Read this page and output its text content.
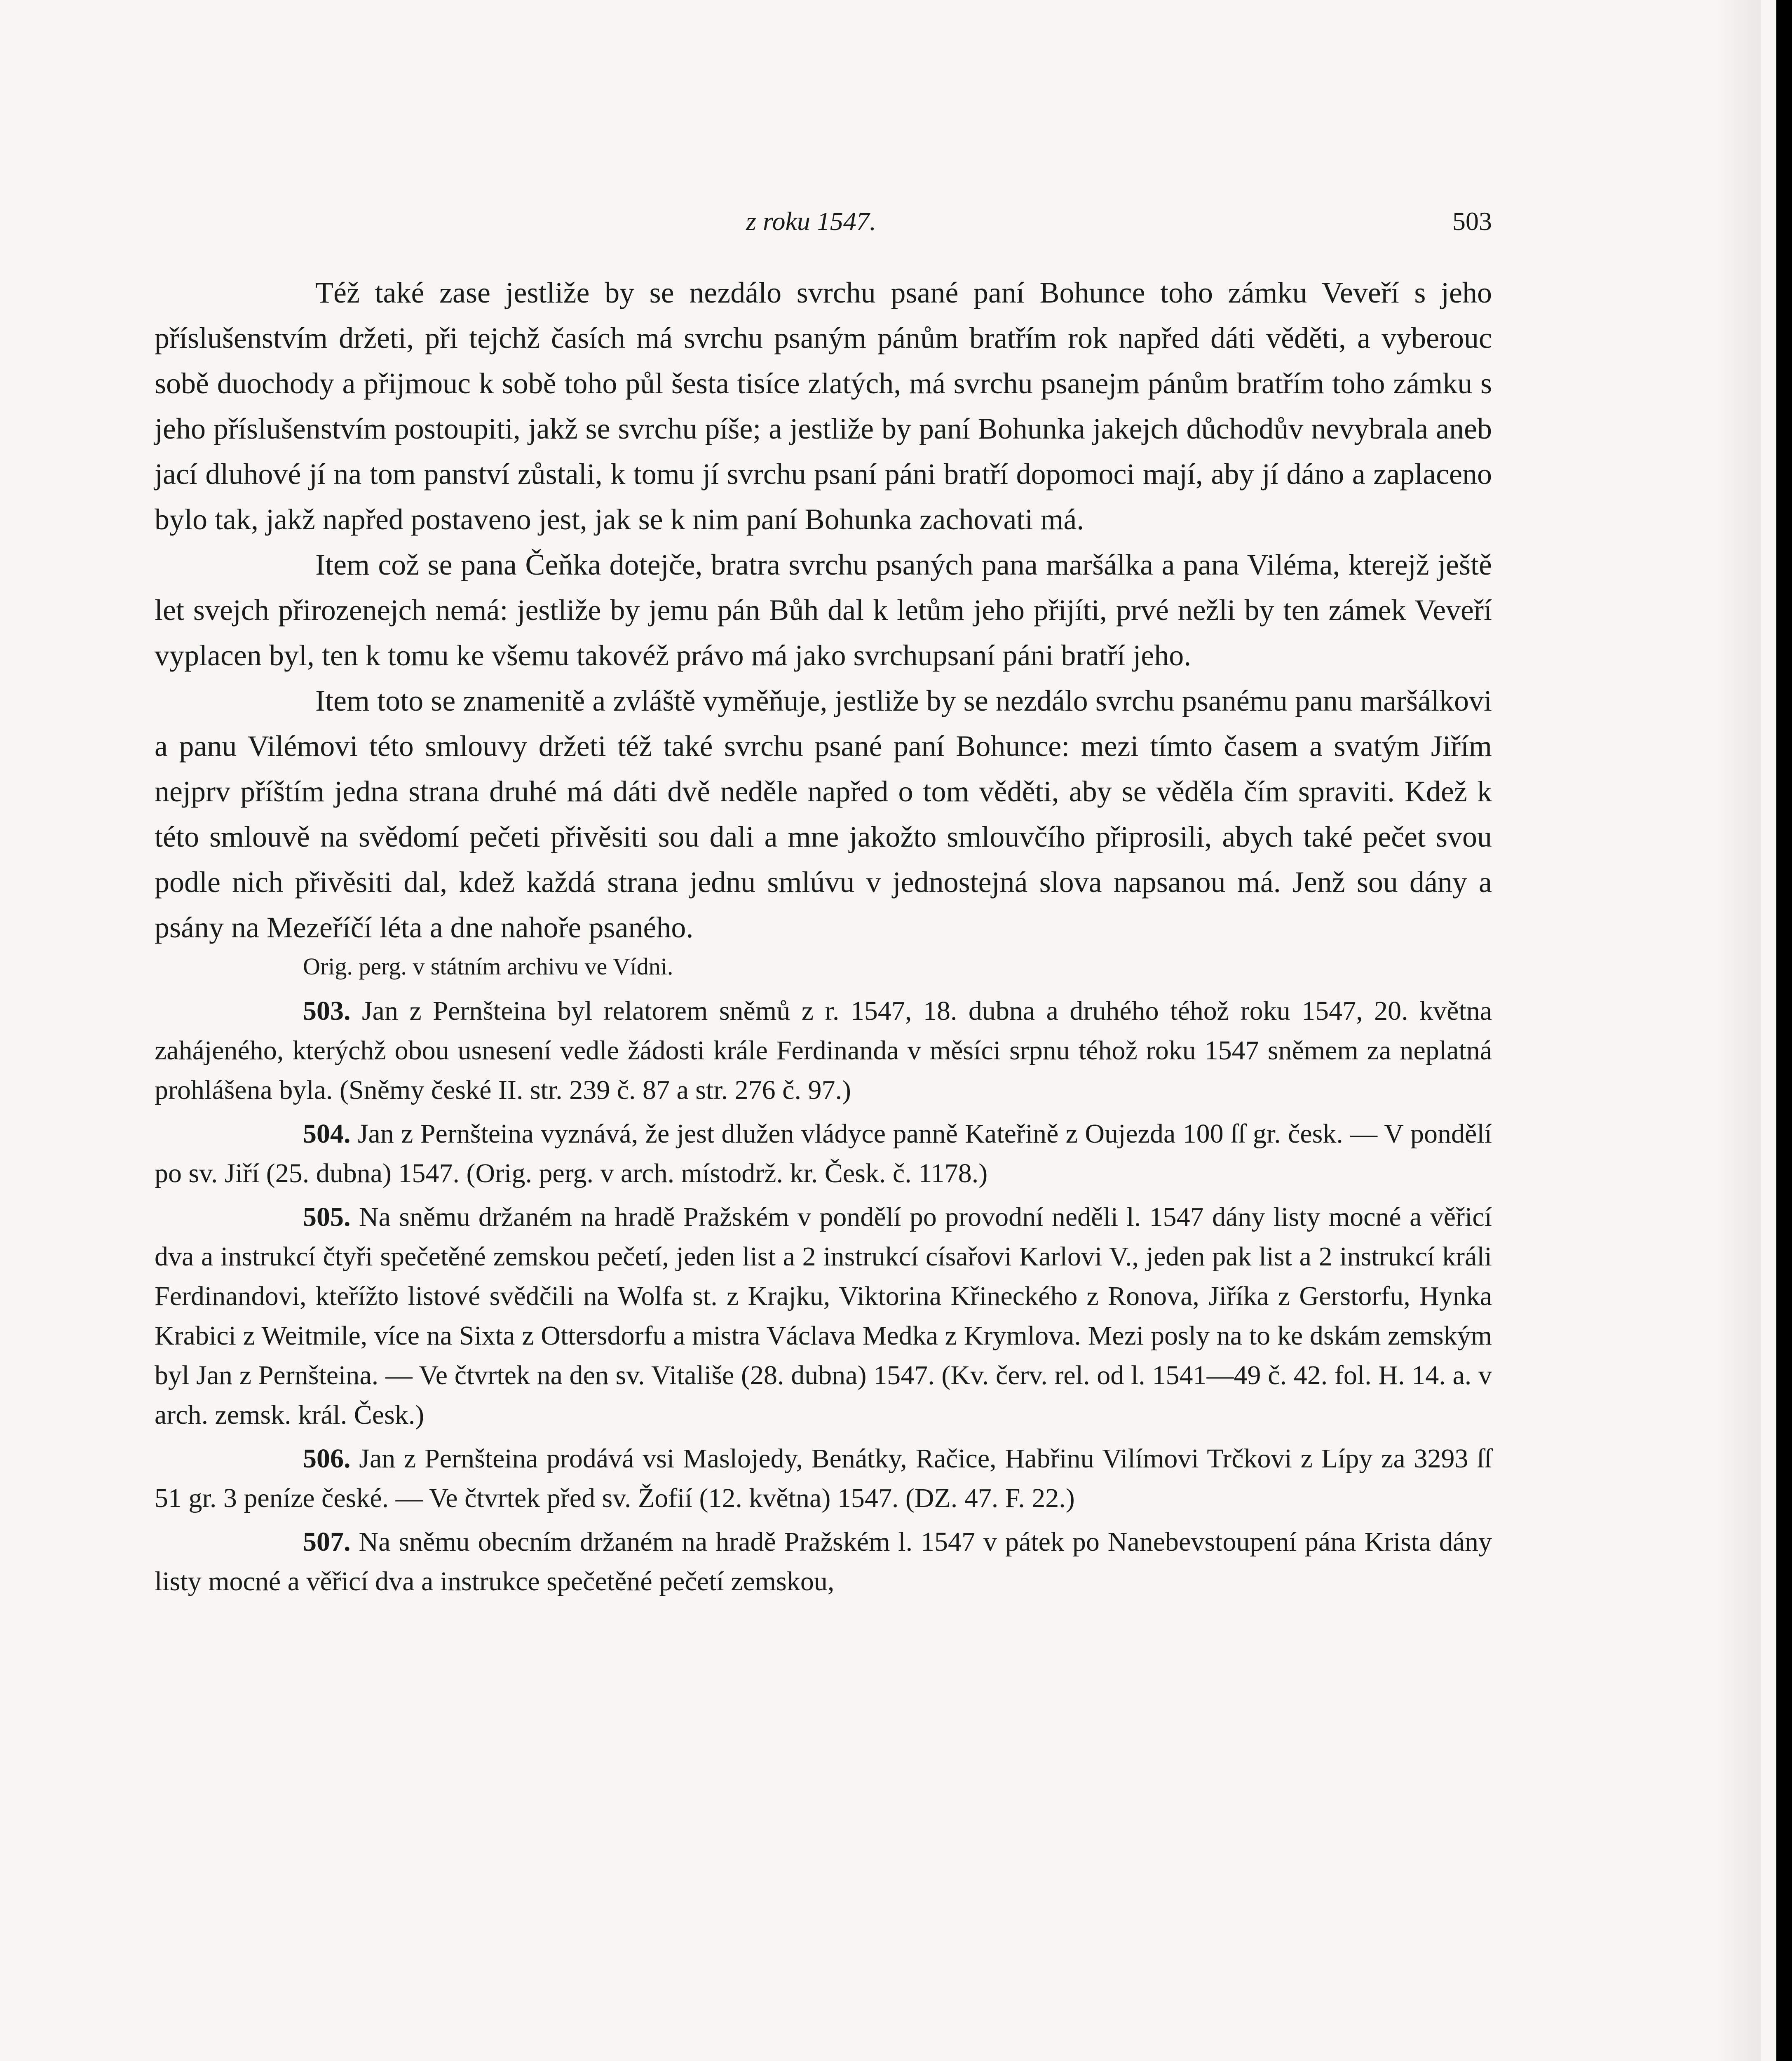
z roku 1547.	503

Též také zase jestliže by se nezdálo svrchu psané paní Bohunce toho zámku Veveří s jeho příslušenstvím držeti, při tejchž časích má svrchu psaným pánům bratřím rok napřed dáti věděti, a vyberouc sobě duochody a přijmouc k sobě toho půl šesta tisíce zlatých, má svrchu psanejm pánům bratřím toho zámku s jeho příslušenstvím postoupiti, jakž se svrchu píše; a jestliže by paní Bohunka jakejch důchodův nevybrala aneb jací dluhové jí na tom panství zůstali, k tomu jí svrchu psaní páni bratří dopomoci mají, aby jí dáno a zaplaceno bylo tak, jakž napřed postaveno jest, jak se k nim paní Bohunka zachovati má.

Item což se pana Čeňka dotejče, bratra svrchu psaných pana maršálka a pana Viléma, kterejž ještě let svejch přirozenejch nemá: jestliže by jemu pán Bůh dal k letům jeho přijíti, prvé nežli by ten zámek Veveří vyplacen byl, ten k tomu ke všemu takovéž právo má jako svrchupsaní páni bratří jeho.

Item toto se znamenitě a zvláště vyměňuje, jestliže by se nezdálo svrchu psanému panu maršálkovi a panu Vilémovi této smlouvy držeti též také svrchu psané paní Bohunce: mezi tímto časem a svatým Jiřím nejprv příštím jedna strana druhé má dáti dvě neděle napřed o tom věděti, aby se věděla čím spraviti. Kdež k této smlouvě na svědomí pečeti přivěsiti sou dali a mne jakožto smlouvčího připrosili, abych také pečet svou podle nich přivěsiti dal, kdež každá strana jednu smlúvu v jednostejná slova napsanou má. Jenž sou dány a psány na Mezeříčí léta a dne nahoře psaného.

Orig. perg. v státním archivu ve Vídni.

503. Jan z Pernšteina byl relatorem sněmů z r. 1547, 18. dubna a druhého téhož roku 1547, 20. května zahájeného, kterýchž obou usnesení vedle žádosti krále Ferdinanda v měsíci srpnu téhož roku 1547 sněmem za neplatná prohlášena byla. (Sněmy české II. str. 239 č. 87 a str. 276 č. 97.)

504. Jan z Pernšteina vyznává, že jest dlužen vládyce panně Kateřině z Oujezda 100 ſſ gr. česk. — V pondělí po sv. Jiří (25. dubna) 1547. (Orig. perg. v arch. místodrž. kr. Česk. č. 1178.)

505. Na sněmu držaném na hradě Pražském v pondělí po provodní neděli l. 1547 dány listy mocné a věřicí dva a instrukcí čtyři spečetěné zemskou pečetí, jeden list a 2 instrukcí císařovi Karlovi V., jeden pak list a 2 instrukcí králi Ferdinandovi, kteřížto listové svědčili na Wolfa st. z Krajku, Viktorina Křineckého z Ronova, Jiříka z Gerstorfu, Hynka Krabici z Weitmile, více na Sixta z Ottersdorfu a mistra Václava Medka z Krymlova. Mezi posly na to ke dskám zemským byl Jan z Pernšteina. — Ve čtvrtek na den sv. Vitališe (28. dubna) 1547. (Kv. červ. rel. od l. 1541—49 č. 42. fol. H. 14. a. v arch. zemsk. král. Česk.)

506. Jan z Pernšteina prodává vsi Maslojedy, Benátky, Račice, Habřinu Vilímovi Trčkovi z Lípy za 3293 ſſ 51 gr. 3 peníze české. — Ve čtvrtek před sv. Žofií (12. května) 1547. (DZ. 47. F. 22.)

507. Na sněmu obecním držaném na hradě Pražském l. 1547 v pátek po Nanebevstoupení pána Krista dány listy mocné a věřicí dva a instrukce spečetěné pečetí zemskou,
